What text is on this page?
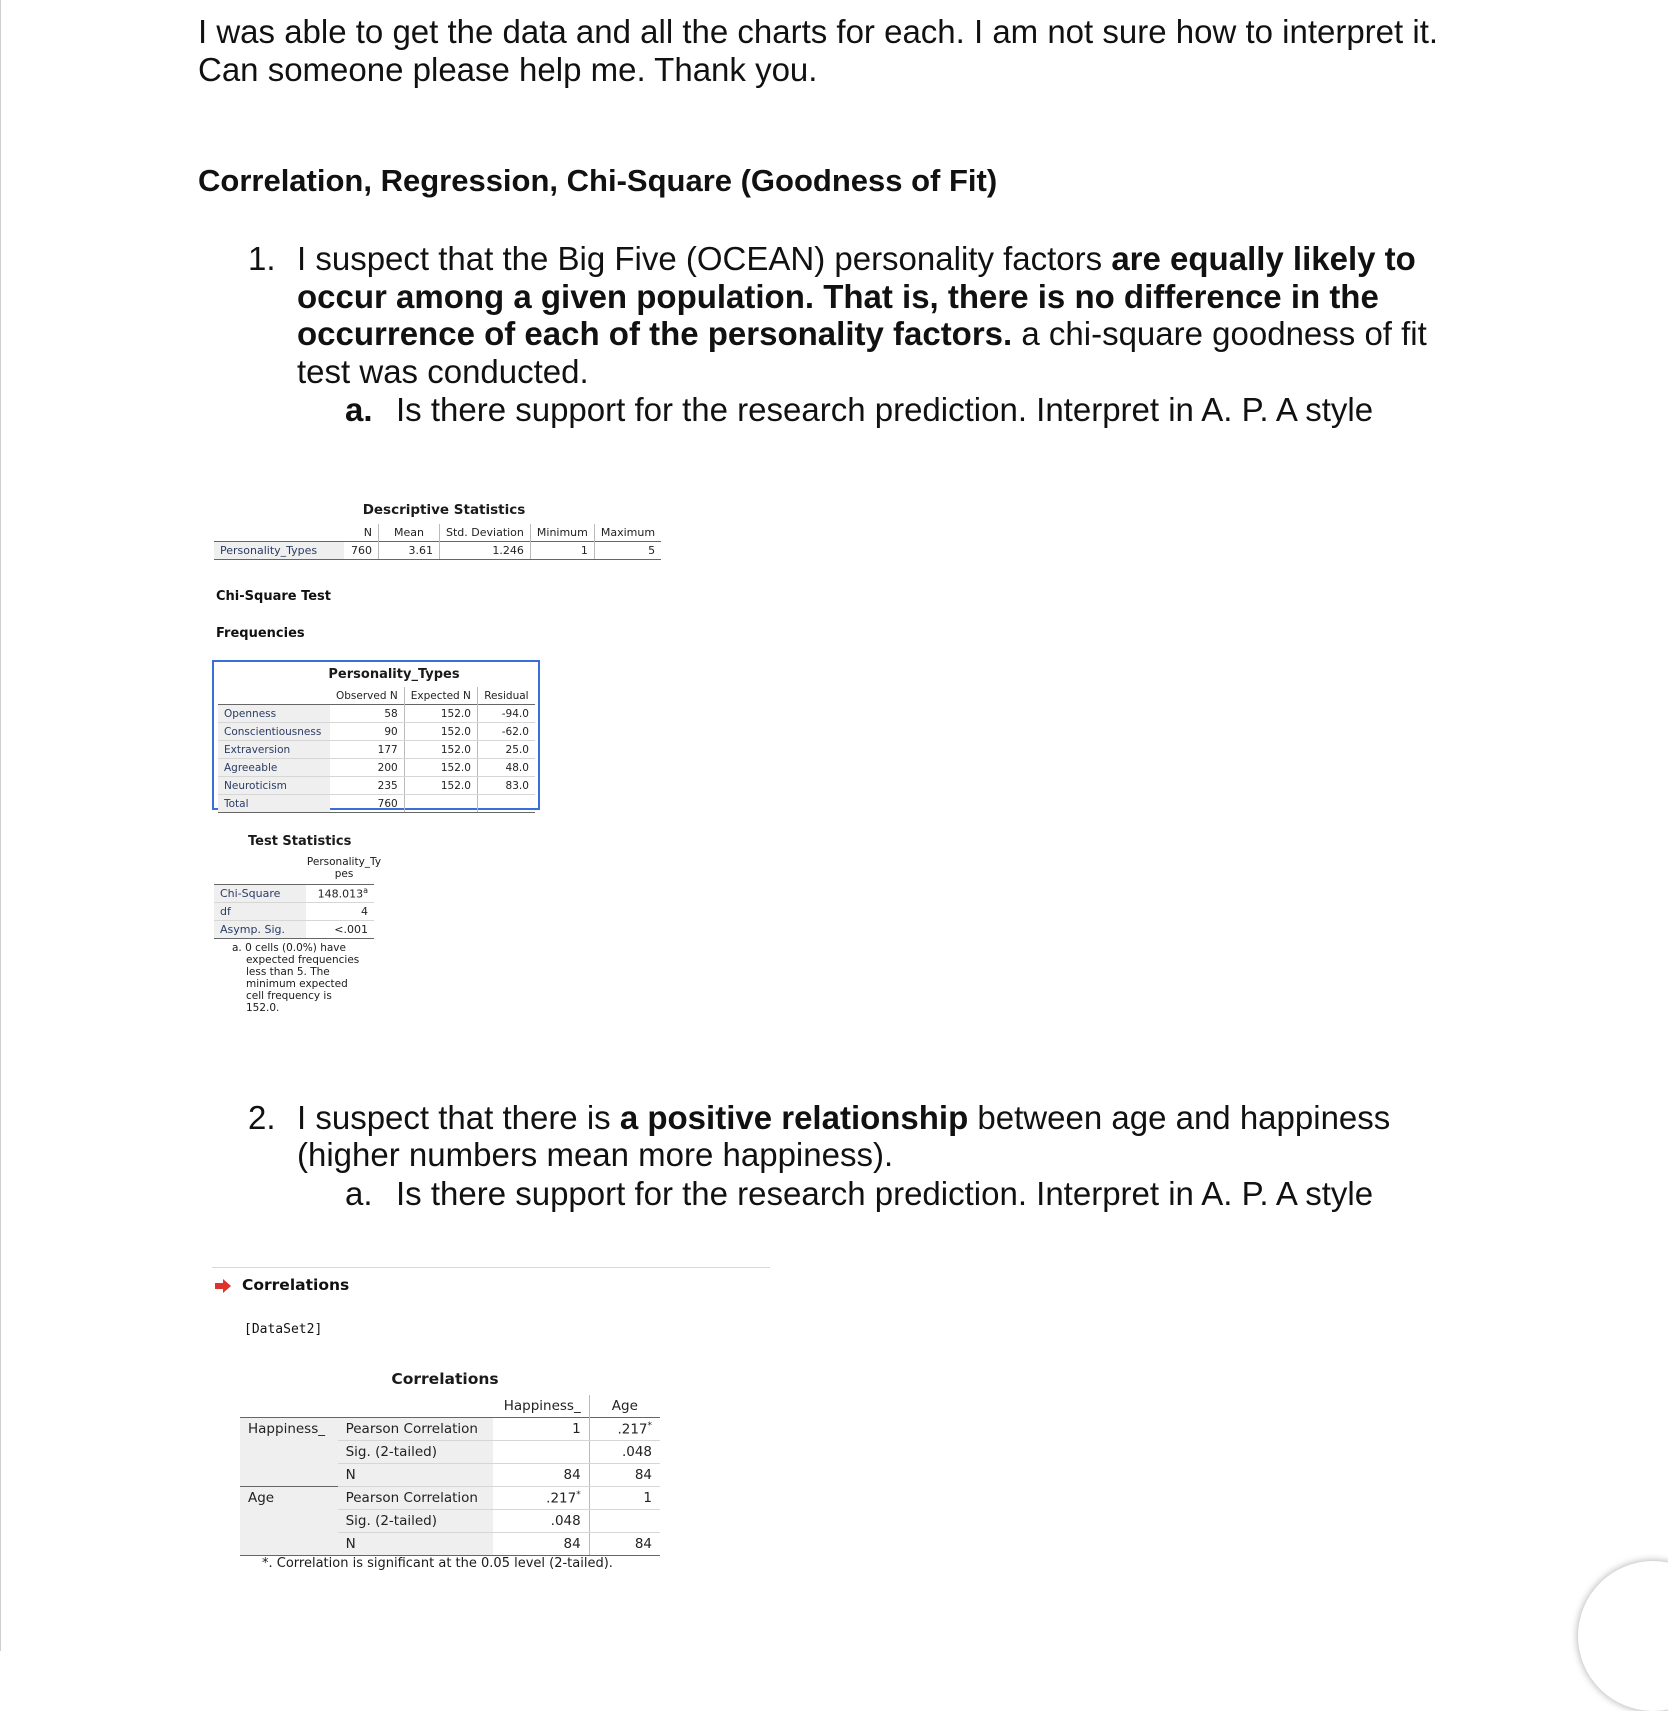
I was able to get the data and all the charts for each. I am not sure how to interpret it.
Can someone please help me. Thank you.
Correlation, Regression, Chi-Square (Goodness of Fit)
1. I suspect that the Big Five (OCEAN) personality factors are equally likely to
occur among a given population. That is, there is no difference in the
occurrence of each of the personality factors. a chi-square goodness of fit
test was conducted.
a. Is there support for the research prediction. Interpret in A. P. A style
Descriptive Statistics
	N	Mean	Std. Deviation	Minimum	Maximum
Personality_Types	760	3.61	1.246	1	5
Chi-Square Test
Frequencies
Personality_Types
	Observed N	Expected N	Residual
Openness	58	152.0	-94.0
Conscientiousness	90	152.0	-62.0
Extraversion	177	152.0	25.0
Agreeable	200	152.0	48.0
Neuroticism	235	152.0	83.0
Total	760		
Test Statistics
Personality_Ty
pes
Chi-Square	148.013$^a$
df	4
Asymp. Sig.	<.001
a. 0 cells (0.0%) have
expected frequencies
less than 5. The
minimum expected
cell frequency is
152.0.
2. I suspect that there is a positive relationship between age and happiness
(higher numbers mean more happiness).
a. Is there support for the research prediction. Interpret in A. P. A style
Correlations
[DataSet2]
Correlations
		Happiness_	Age
Happiness_	Pearson Correlation	1	.217*
	Sig. (2-tailed)		.048
	N	84	84
Age	Pearson Correlation	.217*	1
	Sig. (2-tailed)	.048	
	N	84	84
*. Correlation is significant at the 0.05 level (2-tailed).
